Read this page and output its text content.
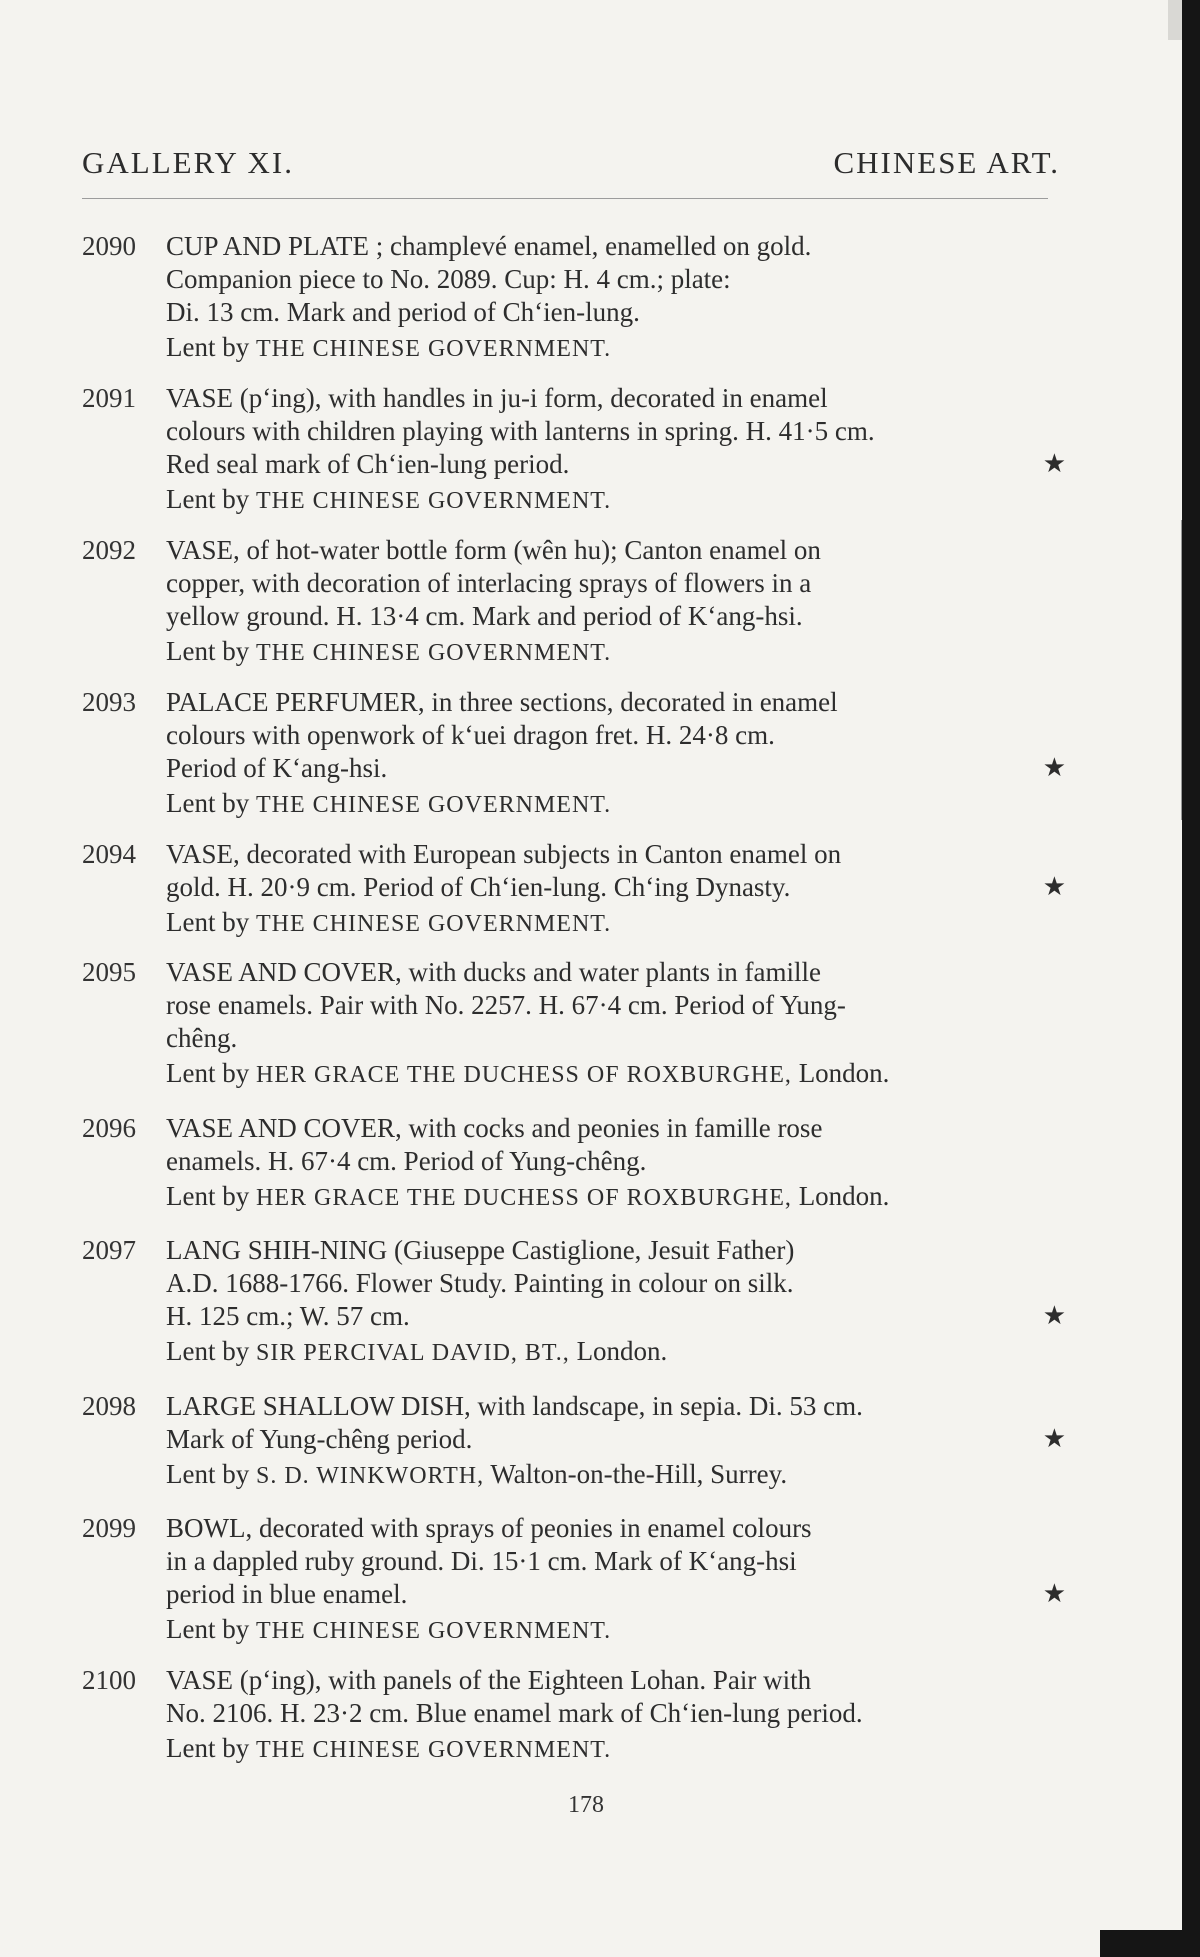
GALLERY XI.	CHINESE ART.
2090 CUP AND PLATE ; champlevé enamel, enamelled on gold.
Companion piece to No. 2089. Cup: H. 4 cm.; plate:
Di. 13 cm. Mark and period of Ch‘ien-lung.
Lent by THE CHINESE GOVERNMENT.
2091 VASE (p‘ing), with handles in ju-i form, decorated in enamel
colours with children playing with lanterns in spring. H. 41·5 cm.
Red seal mark of Ch‘ien-lung period.	★
Lent by THE CHINESE GOVERNMENT.
2092 VASE, of hot-water bottle form (wên hu); Canton enamel on
copper, with decoration of interlacing sprays of flowers in a
yellow ground. H. 13·4 cm. Mark and period of K‘ang-hsi.
Lent by THE CHINESE GOVERNMENT.
2093 PALACE PERFUMER, in three sections, decorated in enamel
colours with openwork of k‘uei dragon fret. H. 24·8 cm.
Period of K‘ang-hsi.	★
Lent by THE CHINESE GOVERNMENT.
2094 VASE, decorated with European subjects in Canton enamel on
gold. H. 20·9 cm. Period of Ch‘ien-lung. Ch‘ing Dynasty.	★
Lent by THE CHINESE GOVERNMENT.
2095 VASE AND COVER, with ducks and water plants in famille
rose enamels. Pair with No. 2257. H. 67·4 cm. Period of Yung-
chêng.
Lent by HER GRACE THE DUCHESS OF ROXBURGHE, London.
2096 VASE AND COVER, with cocks and peonies in famille rose
enamels. H. 67·4 cm. Period of Yung-chêng.
Lent by HER GRACE THE DUCHESS OF ROXBURGHE, London.
2097 LANG SHIH-NING (Giuseppe Castiglione, Jesuit Father)
A.D. 1688-1766. Flower Study. Painting in colour on silk.
H. 125 cm.; W. 57 cm.	★
Lent by SIR PERCIVAL DAVID, BT., London.
2098 LARGE SHALLOW DISH, with landscape, in sepia. Di. 53 cm.
Mark of Yung-chêng period.	★
Lent by S. D. WINKWORTH, Walton-on-the-Hill, Surrey.
2099 BOWL, decorated with sprays of peonies in enamel colours
in a dappled ruby ground. Di. 15·1 cm. Mark of K‘ang-hsi
period in blue enamel.	★
Lent by THE CHINESE GOVERNMENT.
2100 VASE (p‘ing), with panels of the Eighteen Lohan. Pair with
No. 2106. H. 23·2 cm. Blue enamel mark of Ch‘ien-lung period.
Lent by THE CHINESE GOVERNMENT.
178
